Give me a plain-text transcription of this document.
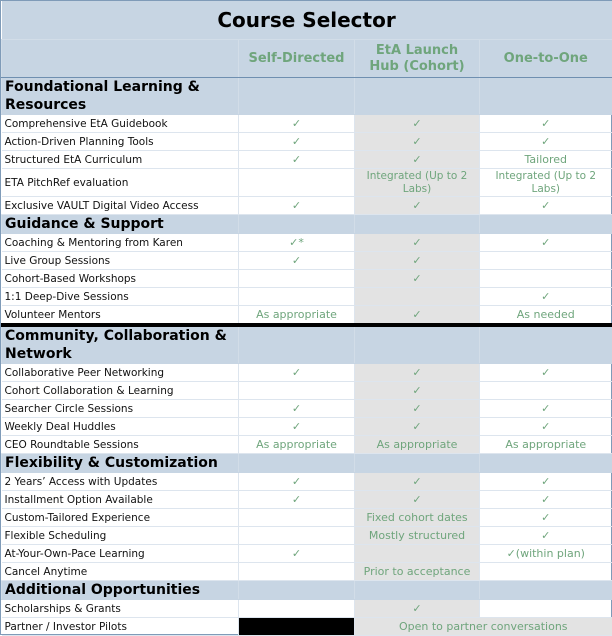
Course Selector			
	Self-Directed	EtA Launch Hub (Cohort)	One-to-One
Foundational Learning & Resources			
Comprehensive EtA Guidebook	✓	✓	✓
Action-Driven Planning Tools	✓	✓	✓
Structured EtA Curriculum	✓	✓	Tailored
ETA PitchRef evaluation		Integrated (Up to 2 Labs)	Integrated (Up to 2 Labs)
Exclusive VAULT Digital Video Access	✓	✓	✓
Guidance & Support			
Coaching & Mentoring from Karen	✓*	✓	✓
Live Group Sessions	✓	✓	
Cohort-Based Workshops		✓	
1:1 Deep-Dive Sessions			✓
Volunteer Mentors	As appropriate	✓	As needed
Community, Collaboration & Network			
Collaborative Peer Networking	✓	✓	✓
Cohort Collaboration & Learning		✓	
Searcher Circle Sessions	✓	✓	✓
Weekly Deal Huddles	✓	✓	✓
CEO Roundtable Sessions	As appropriate	As appropriate	As appropriate
Flexibility & Customization			
2 Years’ Access with Updates	✓	✓	✓
Installment Option Available	✓	✓	✓
Custom-Tailored Experience		Fixed cohort dates	✓
Flexible Scheduling		Mostly structured	✓
At-Your-Own-Pace Learning	✓		✓(within plan)
Cancel Anytime		Prior to acceptance	
Additional Opportunities			
Scholarships & Grants		✓	
Partner / Investor Pilots		Open to partner conversations	
